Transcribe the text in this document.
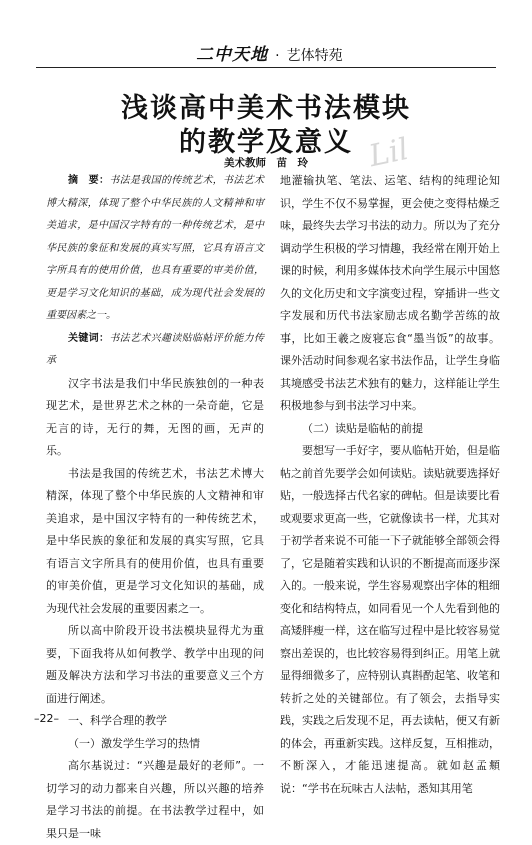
二中天地 · 艺体特苑
浅谈高中美术书法模块
的教学及意义 Lil
美术教师　苗　玲

摘　要：书法是我国的传统艺术，书法艺术博大精深，体现了整个中华民族的人文精神和审美追求，是中国汉字特有的一种传统艺术，是中华民族的象征和发展的真实写照，它具有语言文字所具有的使用价值，也具有重要的审美价值，更是学习文化知识的基础，成为现代社会发展的重要因素之一。

关键词：书法艺术兴趣读贴临帖评价能力传承

汉字书法是我们中华民族独创的一种表现艺术，是世界艺术之林的一朵奇葩，它是无言的诗，无行的舞，无图的画，无声的乐。

书法是我国的传统艺术，书法艺术博大精深，体现了整个中华民族的人文精神和审美追求，是中国汉字特有的一种传统艺术，是中华民族的象征和发展的真实写照，它具有语言文字所具有的使用价值，也具有重要的审美价值，更是学习文化知识的基础，成为现代社会发展的重要因素之一。

所以高中阶段开设书法模块显得尤为重要，下面我将从如何教学、教学中出现的问题及解决方法和学习书法的重要意义三个方面进行阐述。

一、科学合理的教学

（一）激发学生学习的热情

高尔基说过：“兴趣是最好的老师”。一切学习的动力都来自兴趣，所以兴趣的培养是学习书法的前提。在书法教学过程中，如果只是一味

地灌输执笔、笔法、运笔、结构的纯理论知识，学生不仅不易掌握，更会使之变得枯燥乏味，最终失去学习书法的动力。所以为了充分调动学生积极的学习情趣，我经常在刚开始上课的时候，利用多媒体技术向学生展示中国悠久的文化历史和文字演变过程，穿插讲一些文字发展和历代书法家励志成名勤学苦练的故事，比如王羲之废寝忘食“墨当饭”的故事。课外活动时间参观名家书法作品，让学生身临其境感受书法艺术独有的魅力，这样能让学生积极地参与到书法学习中来。

（二）读贴是临帖的前提

要想写一手好字，要从临帖开始，但是临帖之前首先要学会如何读贴。读贴就要选择好贴，一般选择古代名家的碑帖。但是读要比看或观要求更高一些，它就像读书一样，尤其对于初学者来说不可能一下子就能够全部领会得了，它是随着实践和认识的不断提高而逐步深入的。一般来说，学生容易观察出字体的粗细变化和结构特点，如同看见一个人先看到他的高矮胖瘦一样，这在临写过程中是比较容易觉察出差误的，也比较容易得到纠正。用笔上就显得细微多了，应特别认真斟酌起笔、收笔和转折之处的关键部位。有了领会，去指导实践，实践之后发现不足，再去读帖，便又有新的体会，再重新实践。这样反复，互相推动，不断深入，才能迅速提高。就如赵孟頫说：“学书在玩味古人法帖，悉知其用笔

–22–
